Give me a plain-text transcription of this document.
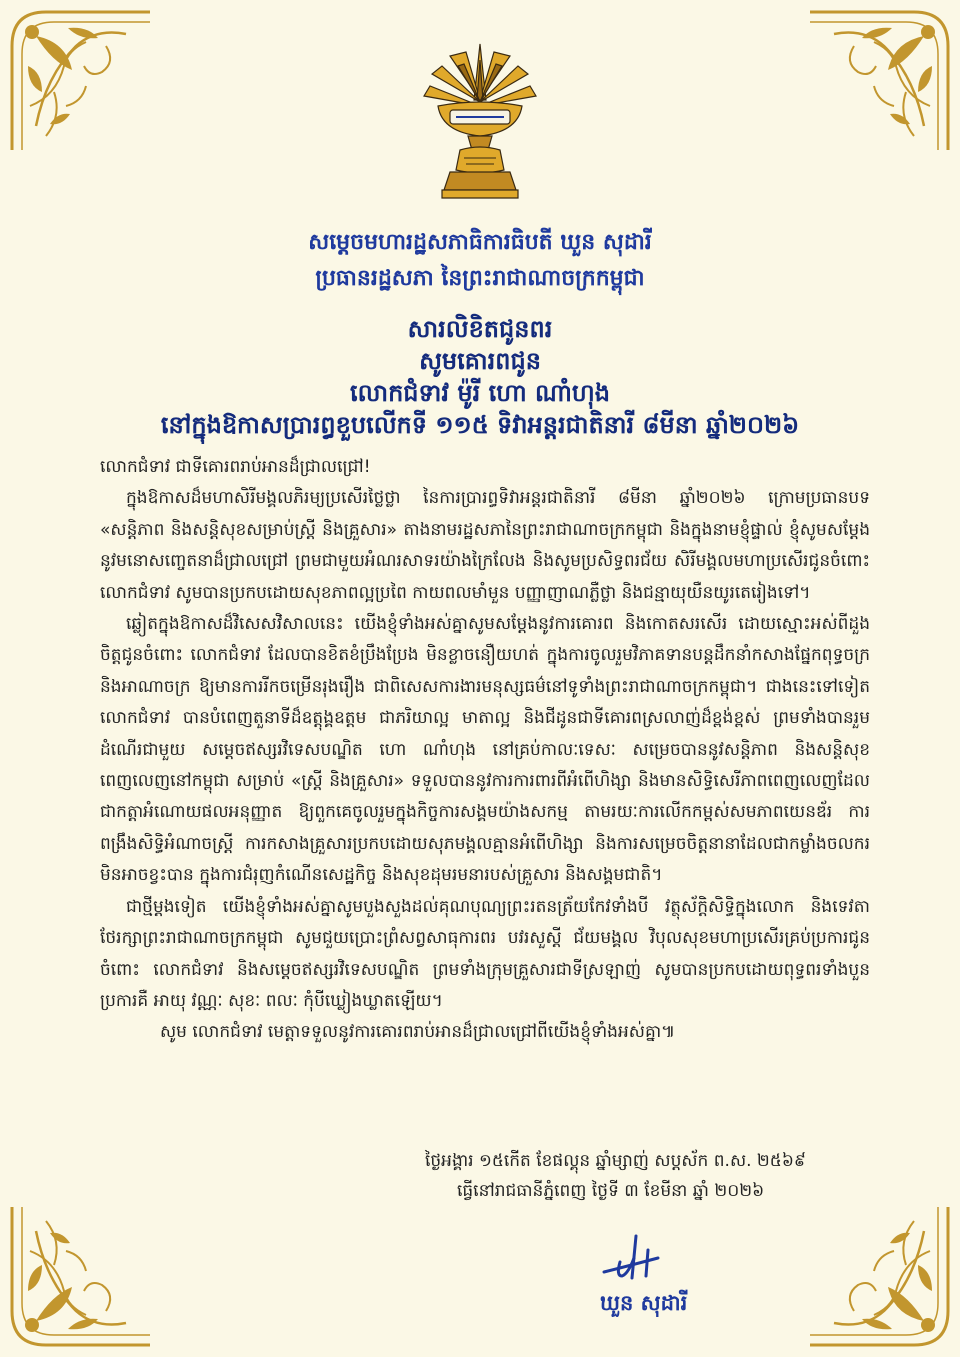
សម្តេចមហារដ្ឋសភាធិការធិបតី ឃួន សុដារី
ប្រធានរដ្ឋសភា នៃព្រះរាជាណាចក្រកម្ពុជា
សារលិខិតជូនពរ
សូមគោរពជូន
លោកជំទាវ ម៉ូរី ហោ ណាំហុង
នៅក្នុងឱកាសប្រារព្ធខួបលើកទី ១១៥ ទិវាអន្តរជាតិនារី ៨មីនា ឆ្នាំ២០២៦

លោកជំទាវ ជាទីគោរពរាប់អានដ៏ជ្រាលជ្រៅ!

ក្នុងឱកាសដ៏មហាសិរីមង្គលភិរម្យប្រសើរថ្លៃថ្លា នៃការប្រារព្ធទិវាអន្តរជាតិនារី ៨មីនា ឆ្នាំ២០២៦ ក្រោមប្រធានបទ «សន្តិភាព និងសន្តិសុខសម្រាប់ស្ត្រី និងគ្រួសារ» តាងនាមរដ្ឋសភានៃព្រះរាជាណាចក្រកម្ពុជា និងក្នុងនាមខ្ញុំផ្ទាល់ ខ្ញុំសូមសម្តែងនូវមនោសញ្ចេតនាដ៏ជ្រាលជ្រៅ ព្រមជាមួយអំណរសាទរយ៉ាងក្រៃលែង និងសូមប្រសិទ្ធពរជ័យ សិរីមង្គលមហាប្រសើរជូនចំពោះ លោកជំទាវ សូមបានប្រកបដោយសុខភាពល្អប្រពៃ កាយពលមាំមួន បញ្ញាញាណភ្លឺថ្លា និងជន្មាយុយឺនយូរតេរៀងទៅ។

ឆ្លៀតក្នុងឱកាសដ៏វិសេសវិសាលនេះ យើងខ្ញុំទាំងអស់គ្នាសូមសម្តែងនូវការគោរព និងកោតសរសើរ ដោយស្មោះអស់ពីដួងចិត្តជូនចំពោះ លោកជំទាវ ដែលបានខិតខំប្រឹងប្រែង មិនខ្លាចនឿយហត់ ក្នុងការចូលរួមវិភាគទានបន្តដឹកនាំកសាងផ្នែកពុទ្ធចក្រ និងអាណាចក្រ ឱ្យមានការរីកចម្រើនរុងរឿង ជាពិសេសការងារមនុស្សធម៌នៅទូទាំងព្រះរាជាណាចក្រកម្ពុជា។ ជាងនេះទៅទៀត លោកជំទាវ បានបំពេញតួនាទីដ៏ឧត្តុង្គឧត្តម ជាភរិយាល្អ មាតាល្អ និងជីដូនជាទីគោរពស្រលាញ់ដ៏ខ្ពង់ខ្ពស់ ព្រមទាំងបានរួមដំណើរជាមួយ សម្តេចឥស្សរវិទេសបណ្ឌិត ហោ ណាំហុង នៅគ្រប់កាលៈទេសៈ សម្រេចបាននូវសន្តិភាព និងសន្តិសុខពេញលេញនៅកម្ពុជា សម្រាប់ «ស្ត្រី និងគ្រួសារ» ទទួលបាននូវការការពារពីអំពើហិង្សា និងមានសិទ្ធិសេរីភាពពេញលេញដែលជាកត្តាអំណោយផលអនុញ្ញាត ឱ្យពួកគេចូលរួមក្នុងកិច្ចការសង្គមយ៉ាងសកម្ម តាមរយៈការលើកកម្ពស់សមភាពយេនឌ័រ ការពង្រឹងសិទ្ធិអំណាចស្ត្រី ការកសាងគ្រួសារប្រកបដោយសុភមង្គលគ្មានអំពើហិង្សា និងការសម្រេចចិត្តនានាដែលជាកម្លាំងចលករមិនអាចខ្វះបាន ក្នុងការជំរុញកំណើនសេដ្ឋកិច្ច និងសុខដុមរមនារបស់គ្រួសារ និងសង្គមជាតិ។

ជាថ្មីម្តងទៀត យើងខ្ញុំទាំងអស់គ្នាសូមបួងសួងដល់គុណបុណ្យព្រះរតនត្រ័យកែវទាំងបី វត្ថុស័ក្តិសិទ្ធិក្នុងលោក និងទេវតាថែរក្សាព្រះរាជាណាចក្រកម្ពុជា សូមជួយប្រោះព្រំសព្វសាធុការពរ បវរសួស្តី ជ័យមង្គល វិបុលសុខមហាប្រសើរគ្រប់ប្រការជូនចំពោះ លោកជំទាវ និងសម្តេចឥស្សរវិទេសបណ្ឌិត ព្រមទាំងក្រុមគ្រួសារជាទីស្រឡាញ់ សូមបានប្រកបដោយពុទ្ធពរទាំងបួនប្រការគឺ អាយុ វណ្ណៈ សុខៈ ពលៈ កុំបីឃ្លៀងឃ្លាតឡើយ។

សូម លោកជំទាវ មេត្តាទទួលនូវការគោរពរាប់អានដ៏ជ្រាលជ្រៅពីយើងខ្ញុំទាំងអស់គ្នា៕

ថ្ងៃអង្គារ ១៥កើត ខែផល្គុន ឆ្នាំម្សាញ់ សប្តស័ក ព.ស. ២៥៦៩
ធ្វើនៅរាជធានីភ្នំពេញ ថ្ងៃទី ៣ ខែមីនា ឆ្នាំ ២០២៦
ឃួន សុដារី
